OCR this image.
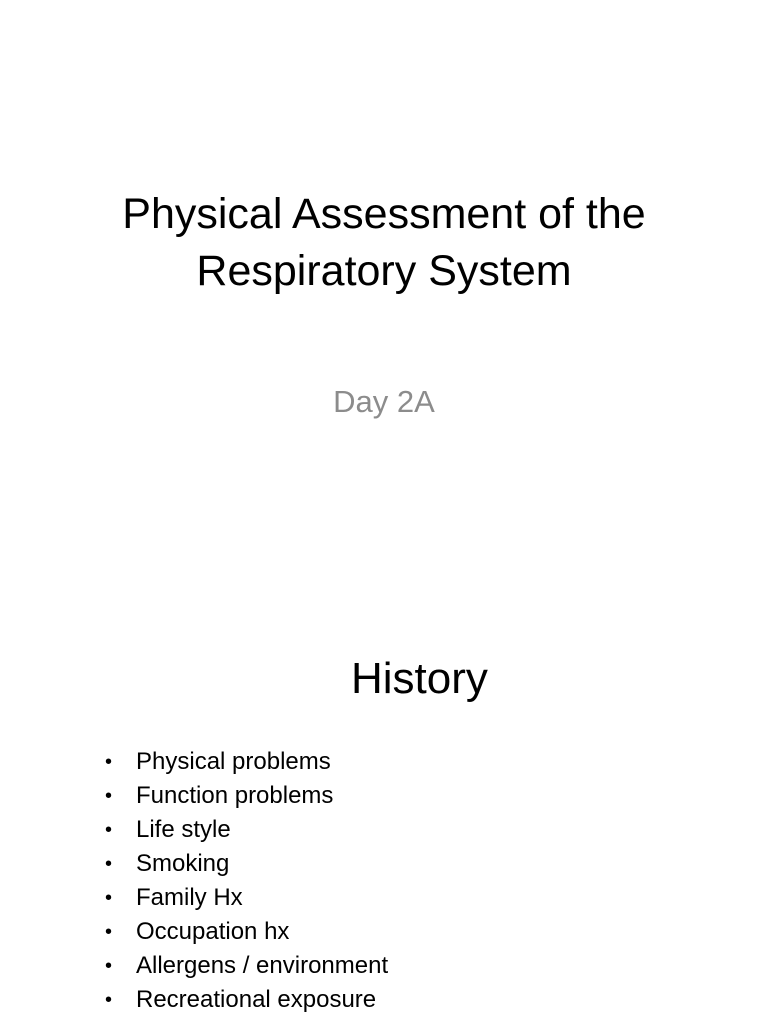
Physical Assessment of the
Respiratory System
Day 2A
History
• Physical problems
• Function problems
• Life style
• Smoking
• Family Hx
• Occupation hx
• Allergens / environment
• Recreational exposure
